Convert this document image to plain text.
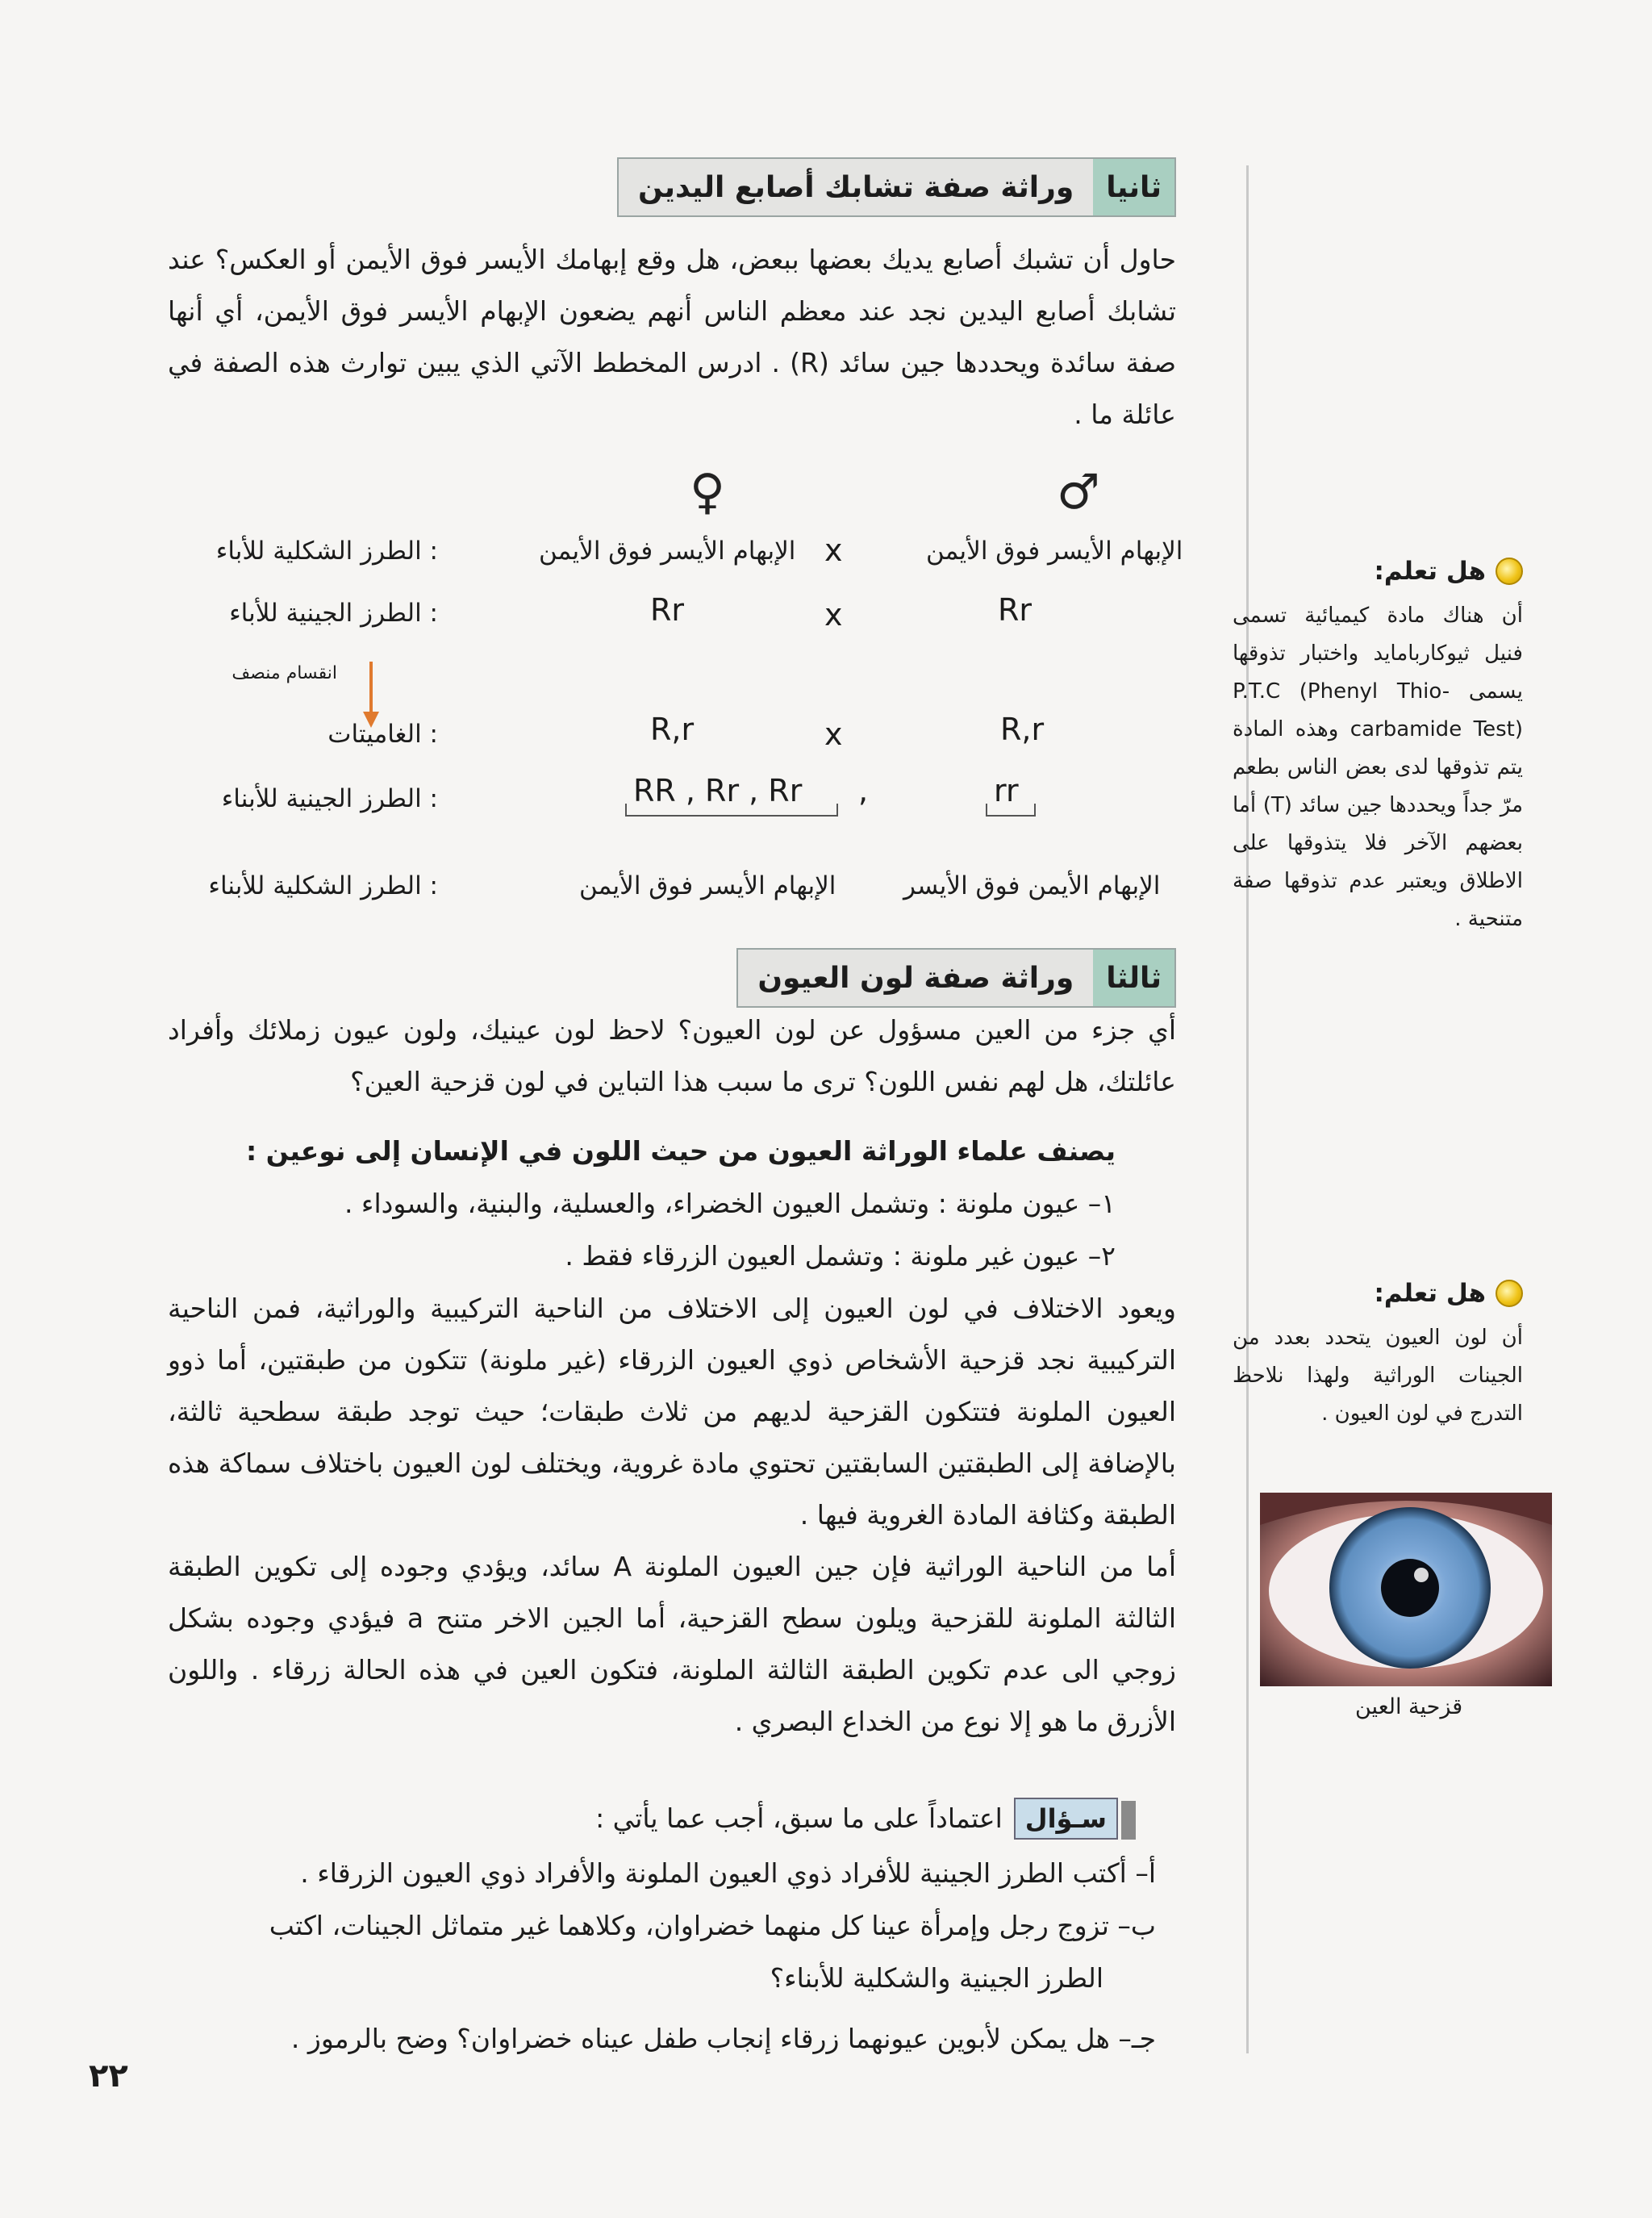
ثانيا
وراثة صفة تشابك أصابع اليدين

حاول أن تشبك أصابع يديك بعضها ببعض، هل وقع إبهامك الأيسر فوق الأيمن أو العكس؟ عند تشابك أصابع اليدين نجد عند معظم الناس أنهم يضعون الإبهام الأيسر فوق الأيمن، أي أنها صفة سائدة ويحددها جين سائد (R) . ادرس المخطط الآتي الذي يبين توارث هذه الصفة في عائلة ما .

♀	♂
: الطرز الشكلية للأباء	الإبهام الأيسر فوق الأيمن x	الإبهام الأيسر فوق الأيمن
: الطرز الجينية للأباء	Rr	x	Rr
انقسام منصف
: الغاميتات	R,r	x	R,r
: الطرز الجينية للأبناء	RR , Rr , Rr ,	rr
: الطرز الشكلية للأبناء	الإبهام الأيسر فوق الأيمن	الإبهام الأيمن فوق الأيسر
هل تعلم:
أن هناك مادة كيميائية تسمى فنيل ثيوكاربامايد واختبار تذوقها يسمى P.T.C (Phenyl Thio-carbamide Test) وهذه المادة يتم تذوقها لدى بعض الناس بطعم مرّ جداً ويحددها جين سائد (T) أما بعضهم الآخر فلا يتذوقها على الاطلاق ويعتبر عدم تذوقها صفة متنحية .
ثالثا
وراثة صفة لون العيون

أي جزء من العين مسؤول عن لون العيون؟ لاحظ لون عينيك، ولون عيون زملائك وأفراد عائلتك، هل لهم نفس اللون؟ ترى ما سبب هذا التباين في لون قزحية العين؟

يصنف علماء الوراثة العيون من حيث اللون في الإنسان إلى نوعين :
١– عيون ملونة : وتشمل العيون الخضراء، والعسلية، والبنية، والسوداء .
٢– عيون غير ملونة : وتشمل العيون الزرقاء فقط .

ويعود الاختلاف في لون العيون إلى الاختلاف من الناحية التركيبية والوراثية، فمن الناحية التركيبية نجد قزحية الأشخاص ذوي العيون الزرقاء (غير ملونة) تتكون من طبقتين، أما ذوو العيون الملونة فتتكون القزحية لديهم من ثلاث طبقات؛ حيث توجد طبقة سطحية ثالثة، بالإضافة إلى الطبقتين السابقتين تحتوي مادة غروية، ويختلف لون العيون باختلاف سماكة هذه الطبقة وكثافة المادة الغروية فيها .

أما من الناحية الوراثية فإن جين العيون الملونة A سائد، ويؤدي وجوده إلى تكوين الطبقة الثالثة الملونة للقزحية ويلون سطح القزحية، أما الجين الاخر متنح a فيؤدي وجوده بشكل زوجي الى عدم تكوين الطبقة الثالثة الملونة، فتكون العين في هذه الحالة زرقاء . واللون الأزرق ما هو إلا نوع من الخداع البصري .

هل تعلم:
أن لون العيون يتحدد بعدد من الجينات الوراثية ولهذا نلاحظ التدرج في لون العيون .
قزحية العين
سـؤالاعتماداً على ما سبق، أجب عما يأتي :
أ– أكتب الطرز الجينية للأفراد ذوي العيون الملونة والأفراد ذوي العيون الزرقاء .
ب– تزوج رجل وإمرأة عينا كل منهما خضراوان، وكلاهما غير متماثل الجينات، اكتب
الطرز الجينية والشكلية للأبناء؟
جـ– هل يمكن لأبوين عيونهما زرقاء إنجاب طفل عيناه خضراوان؟ وضح بالرموز .
٢٢
